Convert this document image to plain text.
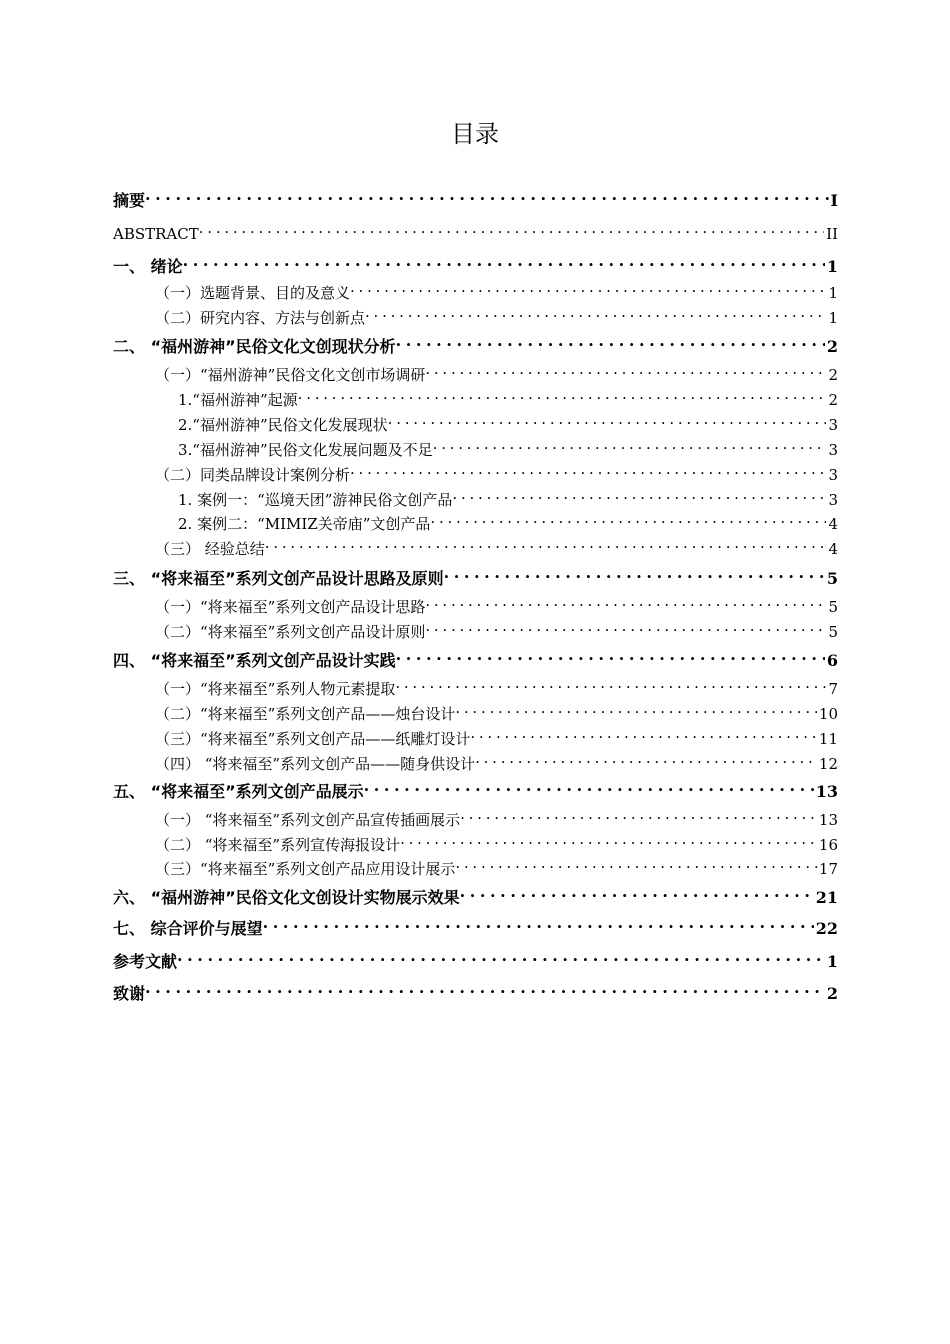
目录
摘要 . . .	I
ABSTRACT . . .	II
一、 绪论 . . .	1
（一）选题背景、目的及意义 . . .	1
（二）研究内容、方法与创新点 . . .	1
二、 “福州游神”民俗文化文创现状分析 . . .	2
（一）“福州游神”民俗文化文创市场调研 . . .	2
1.“福州游神”起源 . . .	2
2.“福州游神”民俗文化发展现状 . . .	3
3.“福州游神”民俗文化发展问题及不足 . . .	3
（二）同类品牌设计案例分析 . . .	3
1. 案例一：“巡境天团”游神民俗文创产品 . . .	3
2. 案例二：“MIMIZ关帝庙”文创产品 . . .	4
（三） 经验总结 . . .	4
三、 “将来福至”系列文创产品设计思路及原则 . . .	5
（一）“将来福至”系列文创产品设计思路 . . .	5
（二）“将来福至”系列文创产品设计原则 . . .	5
四、 “将来福至”系列文创产品设计实践 . . .	6
（一）“将来福至”系列人物元素提取 . . .	7
（二）“将来福至”系列文创产品——烛台设计 . . .	10
（三）“将来福至”系列文创产品——纸雕灯设计 . . .	11
（四） “将来福至”系列文创产品——随身供设计 . . .	12
五、 “将来福至”系列文创产品展示 . . .	13
（一） “将来福至”系列文创产品宣传插画展示 . . .	13
（二） “将来福至”系列宣传海报设计 . . .	16
（三）“将来福至”系列文创产品应用设计展示 . . .	17
六、 “福州游神”民俗文化文创设计实物展示效果 . . .	21
七、 综合评价与展望 . . .	22
参考文献 . . .	1
致谢 . . .	2
